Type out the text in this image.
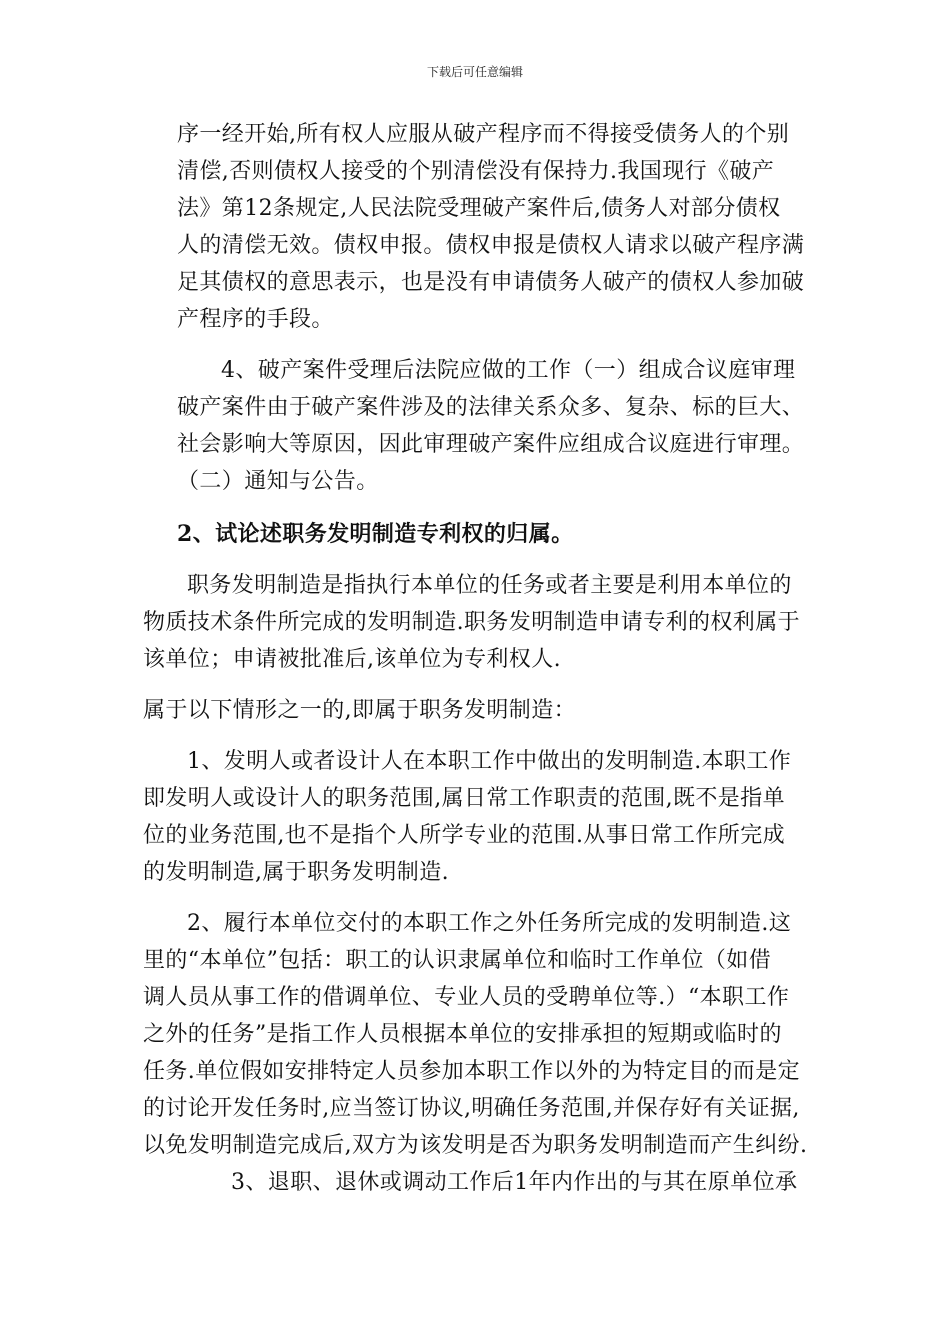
下载后可任意编辑
序一经开始,所有权人应服从破产程序而不得接受债务人的个别
清偿,否则债权人接受的个别清偿没有保持力.我国现行《破产
法》第12条规定,人民法院受理破产案件后,债务人对部分债权
人的清偿无效。债权申报。债权申报是债权人请求以破产程序满
足其债权的意思表示，也是没有申请债务人破产的债权人参加破
产程序的手段。
4、破产案件受理后法院应做的工作（一）组成合议庭审理
破产案件由于破产案件涉及的法律关系众多、复杂、标的巨大、
社会影响大等原因，因此审理破产案件应组成合议庭进行审理。
（二）通知与公告。
2、试论述职务发明制造专利权的归属。
职务发明制造是指执行本单位的任务或者主要是利用本单位的
物质技术条件所完成的发明制造.职务发明制造申请专利的权利属于
该单位；申请被批准后,该单位为专利权人.
属于以下情形之一的,即属于职务发明制造：
1、发明人或者设计人在本职工作中做出的发明制造.本职工作
即发明人或设计人的职务范围,属日常工作职责的范围,既不是指单
位的业务范围,也不是指个人所学专业的范围.从事日常工作所完成
的发明制造,属于职务发明制造.
2、履行本单位交付的本职工作之外任务所完成的发明制造.这
里的“本单位”包括：职工的认识隶属单位和临时工作单位（如借
调人员从事工作的借调单位、专业人员的受聘单位等.）“本职工作
之外的任务”是指工作人员根据本单位的安排承担的短期或临时的
任务.单位假如安排特定人员参加本职工作以外的为特定目的而是定
的讨论开发任务时,应当签订协议,明确任务范围,并保存好有关证据,
以免发明制造完成后,双方为该发明是否为职务发明制造而产生纠纷.
3、退职、退休或调动工作后1年内作出的与其在原单位承
